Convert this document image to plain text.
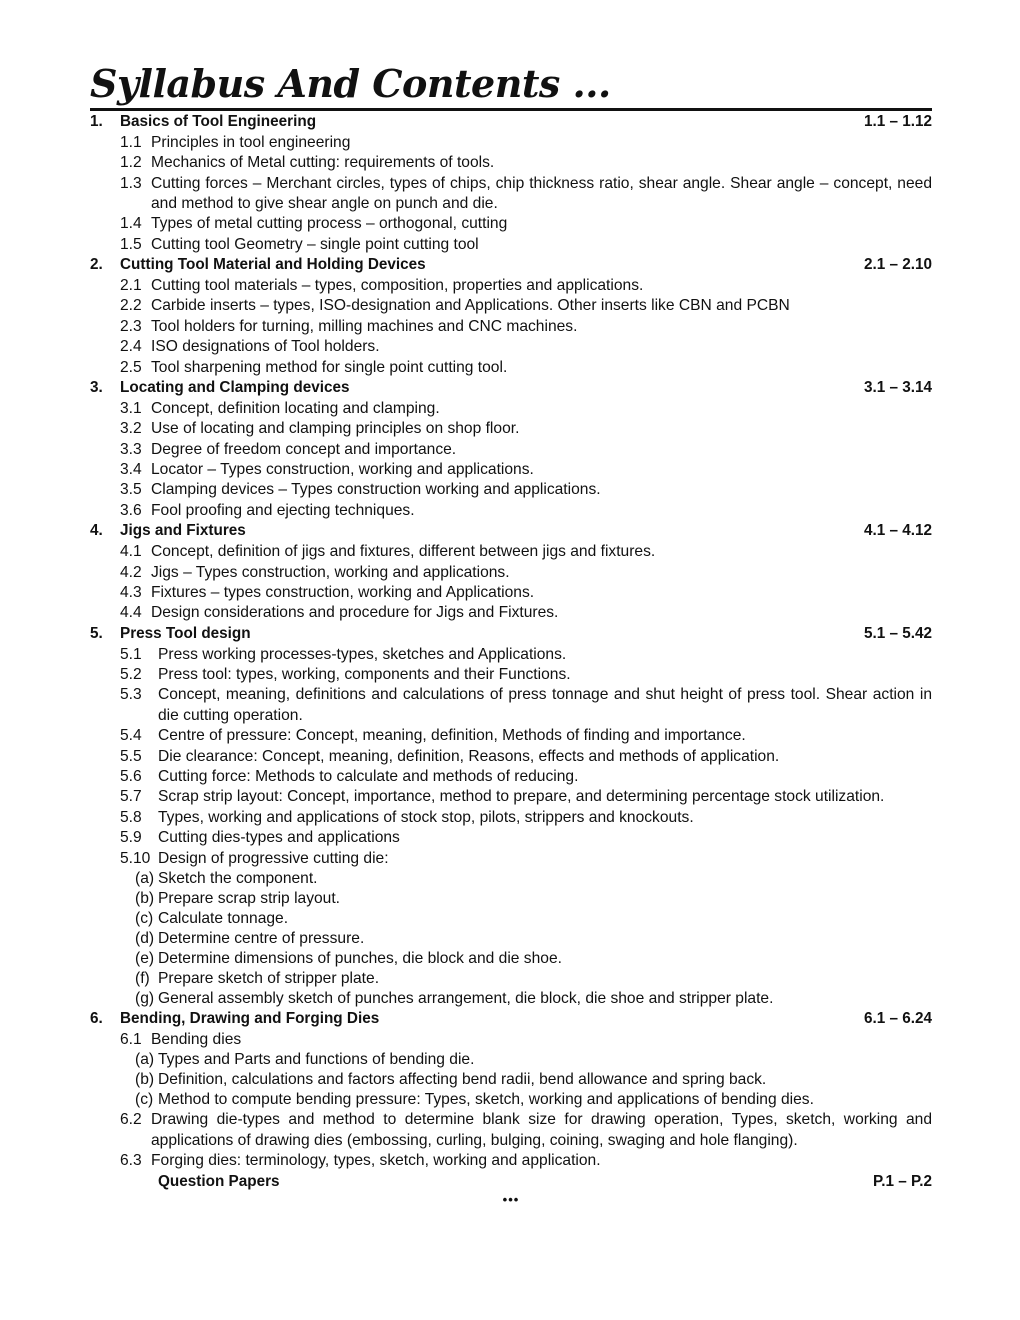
Syllabus And Contents ...
1.	Basics of Tool Engineering	1.1 – 1.12
1.1 Principles in tool engineering
1.2 Mechanics of Metal cutting: requirements of tools.
1.3 Cutting forces – Merchant circles, types of chips, chip thickness ratio, shear angle. Shear angle – concept, need and method to give shear angle on punch and die.
1.4 Types of metal cutting process – orthogonal, cutting
1.5 Cutting tool Geometry – single point cutting tool
2.	Cutting Tool Material and Holding Devices	2.1 – 2.10
2.1 Cutting tool materials – types, composition, properties and applications.
2.2 Carbide inserts – types, ISO-designation and Applications. Other inserts like CBN and PCBN
2.3 Tool holders for turning, milling machines and CNC machines.
2.4 ISO designations of Tool holders.
2.5 Tool sharpening method for single point cutting tool.
3.	Locating and Clamping devices	3.1 – 3.14
3.1 Concept, definition locating and clamping.
3.2 Use of locating and clamping principles on shop floor.
3.3 Degree of freedom concept and importance.
3.4 Locator – Types construction, working and applications.
3.5 Clamping devices – Types construction working and applications.
3.6 Fool proofing and ejecting techniques.
4.	Jigs and Fixtures	4.1 – 4.12
4.1 Concept, definition of jigs and fixtures, different between jigs and fixtures.
4.2 Jigs – Types construction, working and applications.
4.3 Fixtures – types construction, working and Applications.
4.4 Design considerations and procedure for Jigs and Fixtures.
5.	Press Tool design	5.1 – 5.42
5.1	Press working processes-types, sketches and Applications.
5.2	Press tool: types, working, components and their Functions.
5.3	Concept, meaning, definitions and calculations of press tonnage and shut height of press tool. Shear action in die cutting operation.
5.4	Centre of pressure: Concept, meaning, definition, Methods of finding and importance.
5.5	Die clearance: Concept, meaning, definition, Reasons, effects and methods of application.
5.6	Cutting force: Methods to calculate and methods of reducing.
5.7	Scrap strip layout: Concept, importance, method to prepare, and determining percentage stock utilization.
5.8	Types, working and applications of stock stop, pilots, strippers and knockouts.
5.9	Cutting dies-types and applications
5.10 Design of progressive cutting die:
(a) Sketch the component.
(b) Prepare scrap strip layout.
(c) Calculate tonnage.
(d) Determine centre of pressure.
(e) Determine dimensions of punches, die block and die shoe.
(f) Prepare sketch of stripper plate.
(g) General assembly sketch of punches arrangement, die block, die shoe and stripper plate.
6.	Bending, Drawing and Forging Dies	6.1 – 6.24
6.1 Bending dies
(a) Types and Parts and functions of bending die.
(b) Definition, calculations and factors affecting bend radii, bend allowance and spring back.
(c) Method to compute bending pressure: Types, sketch, working and applications of bending dies.
6.2 Drawing die-types and method to determine blank size for drawing operation, Types, sketch, working and applications of drawing dies (embossing, curling, bulging, coining, swaging and hole flanging).
6.3 Forging dies: terminology, types, sketch, working and application.
Question Papers	P.1 – P.2
•••
